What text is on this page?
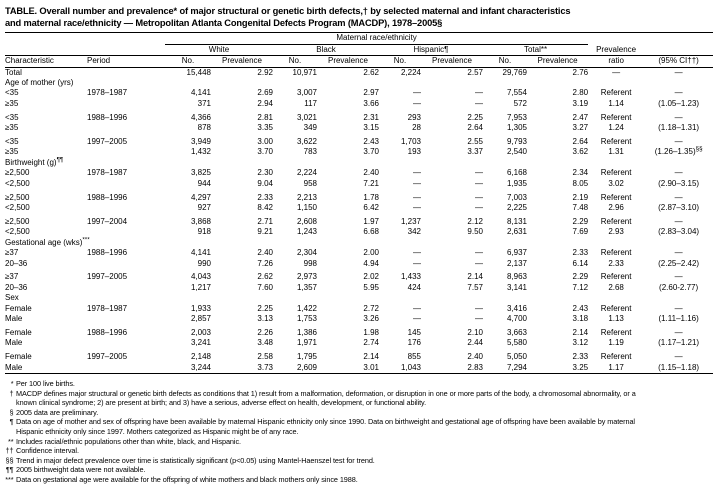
TABLE. Overall number and prevalence* of major structural or genetic birth defects,† by selected maternal and infant characteristics
and maternal race/ethnicity — Metropolitan Atlanta Congenital Defects Program (MACDP), 1978–2005§
		Maternal race/ethnicity									
		White		Black		Hispanic¶		Total**		Prevalence	
Characteristic	Period	No.	Prevalence	No.	Prevalence	No.	Prevalence	No.	Prevalence	ratio	(95% CI††)
Total		15,448	2.92	10,971	2.62	2,224	2.57	29,769	2.76	—	—
Age of mother (yrs)											
<35	1978–1987	4,141	2.69	3,007	2.97	—	—	7,554	2.80	Referent	—
≥35		371	2.94	117	3.66	—	—	572	3.19	1.14	(1.05–1.23)

<35	1988–1996	4,366	2.81	3,021	2.31	293	2.25	7,953	2.47	Referent	—
≥35		878	3.35	349	3.15	28	2.64	1,305	3.27	1.24	(1.18–1.31)

<35	1997–2005	3,949	3.00	3,622	2.43	1,703	2.55	9,793	2.64	Referent	—
≥35		1,432	3.70	783	3.70	193	3.37	2,540	3.62	1.31	(1.26–1.35)§§
Birthweight (g)¶¶
≥2,500	1978–1987	3,825	2.30	2,224	2.40	—	—	6,168	2.34	Referent	—
<2,500		944	9.04	958	7.21	—	—	1,935	8.05	3.02	(2.90–3.15)

≥2,500	1988–1996	4,297	2.33	2,213	1.78	—	—	7,003	2.19	Referent	—
<2,500		927	8.42	1,150	6.42	—	—	2,225	7.48	2.96	(2.87–3.10)

≥2,500	1997–2004	3,868	2.71	2,608	1.97	1,237	2.12	8,131	2.29	Referent	—
<2,500		918	9.21	1,243	6.68	342	9.50	2,631	7.69	2.93	(2.83–3.04)
Gestational age (wks)***
≥37	1988–1996	4,141	2.40	2,304	2.00	—	—	6,937	2.33	Referent	—
20–36		990	7.26	998	4.94	—	—	2,137	6.14	2.33	(2.25–2.42)

≥37	1997–2005	4,043	2.62	2,973	2.02	1,433	2.14	8,963	2.29	Referent	—
20–36		1,217	7.60	1,357	5.95	424	7.57	3,141	7.12	2.68	(2.60-2.77)
Sex											
Female	1978–1987	1,933	2.25	1,422	2.72	—	—	3,416	2.43	Referent	—
Male		2,857	3.13	1,753	3.26	—	—	4,700	3.18	1.13	(1.11–1.16)

Female	1988–1996	2,003	2.26	1,386	1.98	145	2.10	3,663	2.14	Referent	—
Male		3,241	3.48	1,971	2.74	176	2.44	5,580	3.12	1.19	(1.17–1.21)

Female	1997–2005	2,148	2.58	1,795	2.14	855	2.40	5,050	2.33	Referent	—
Male		3,244	3.73	2,609	3.01	1,043	2.83	7,294	3.25	1.17	(1.15–1.18)

* Per 100 live births.
† MACDP defines major structural or genetic birth defects as conditions that 1) result from a malformation, deformation, or disruption in one or more parts of the body, a chromosomal abnormality, or a known clinical syndrome; 2) are present at birth; and 3) have a serious, adverse effect on health, development, or functional ability.
§ 2005 data are preliminary.
¶ Data on age of mother and sex of offspring have been available by maternal Hispanic ethnicity only since 1990. Data on birthweight and gestational age of offspring have been available by maternal Hispanic ethnicity only since 1997. Mothers categorized as Hispanic might be of any race.
** Includes racial/ethnic populations other than white, black, and Hispanic.
†† Confidence interval.
§§ Trend in major defect prevalence over time is statistically significant (p<0.05) using Mantel-Haenszel test for trend.
¶¶ 2005 birthweight data were not available.
*** Data on gestational age were available for the offspring of white mothers and black mothers only since 1988.
